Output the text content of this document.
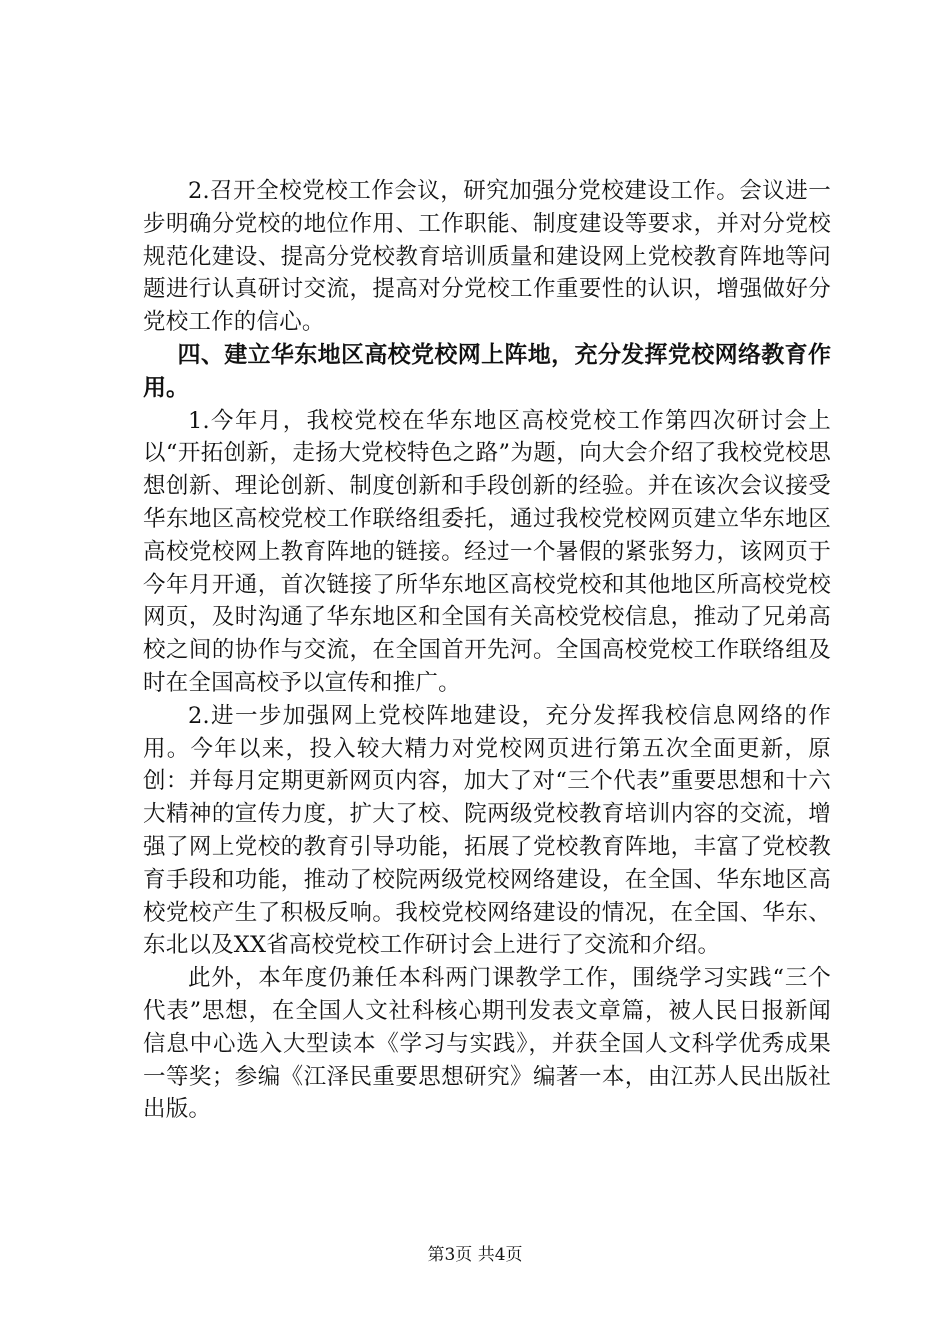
2.召开全校党校工作会议，研究加强分党校建设工作。会议进一步明确分党校的地位作用、工作职能、制度建设等要求，并对分党校规范化建设、提高分党校教育培训质量和建设网上党校教育阵地等问题进行认真研讨交流，提高对分党校工作重要性的认识，增强做好分党校工作的信心。

四、建立华东地区高校党校网上阵地，充分发挥党校网络教育作用。

1.今年月，我校党校在华东地区高校党校工作第四次研讨会上以“开拓创新，走扬大党校特色之路”为题，向大会介绍了我校党校思想创新、理论创新、制度创新和手段创新的经验。并在该次会议接受华东地区高校党校工作联络组委托，通过我校党校网页建立华东地区高校党校网上教育阵地的链接。经过一个暑假的紧张努力，该网页于今年月开通，首次链接了所华东地区高校党校和其他地区所高校党校网页，及时沟通了华东地区和全国有关高校党校信息，推动了兄弟高校之间的协作与交流，在全国首开先河。全国高校党校工作联络组及时在全国高校予以宣传和推广。

2.进一步加强网上党校阵地建设，充分发挥我校信息网络的作用。今年以来，投入较大精力对党校网页进行第五次全面更新，原创：并每月定期更新网页内容，加大了对“三个代表”重要思想和十六大精神的宣传力度，扩大了校、院两级党校教育培训内容的交流，增强了网上党校的教育引导功能，拓展了党校教育阵地，丰富了党校教育手段和功能，推动了校院两级党校网络建设，在全国、华东地区高校党校产生了积极反响。我校党校网络建设的情况，在全国、华东、东北以及XX省高校党校工作研讨会上进行了交流和介绍。

此外，本年度仍兼任本科两门课教学工作，围绕学习实践“三个代表”思想，在全国人文社科核心期刊发表文章篇，被人民日报新闻信息中心选入大型读本《学习与实践》，并获全国人文科学优秀成果一等奖；参编《江泽民重要思想研究》编著一本，由江苏人民出版社出版。

第3页 共4页
